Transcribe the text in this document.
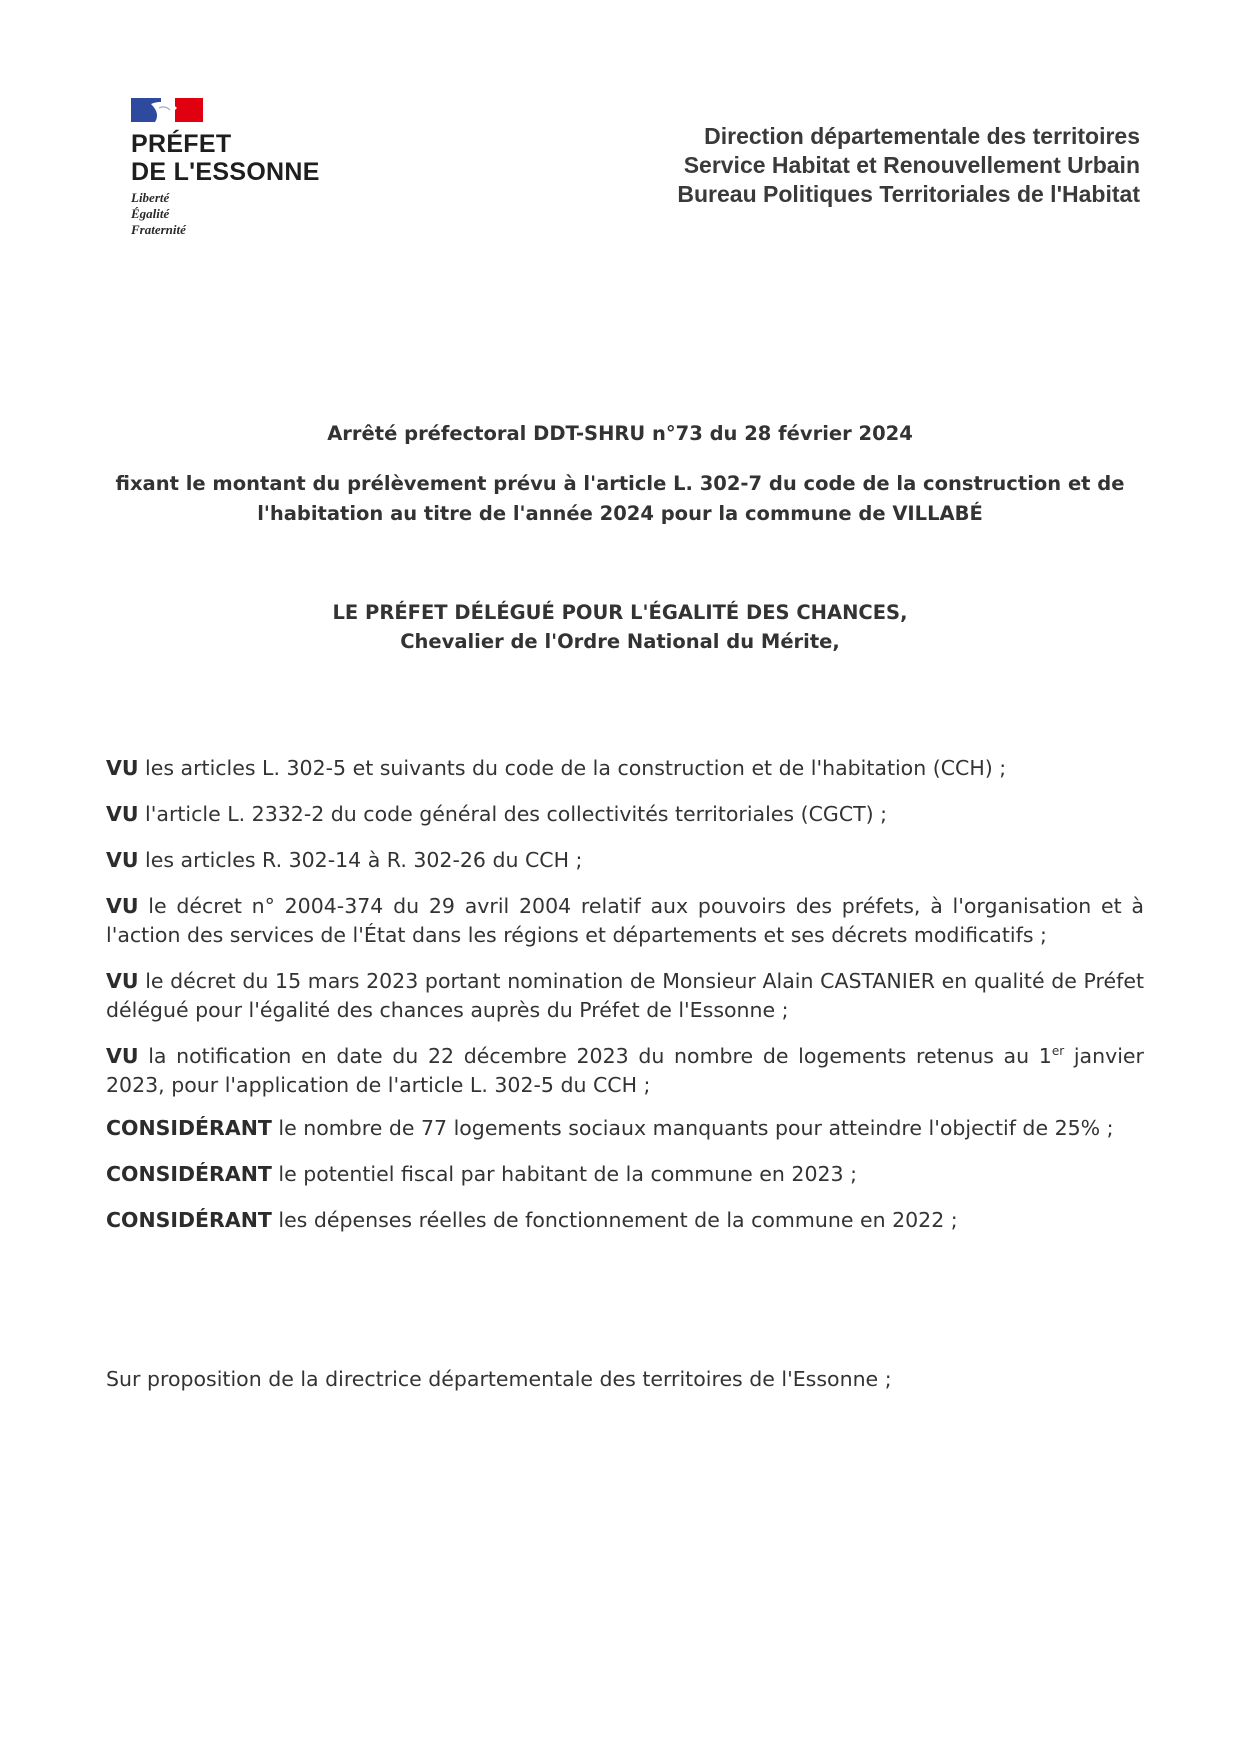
PRÉFET
DE L'ESSONNE
Liberté
Égalité
Fraternité
Direction départementale des territoires
Service Habitat et Renouvellement Urbain
Bureau Politiques Territoriales de l'Habitat
Arrêté préfectoral DDT-SHRU n°73 du 28 février 2024
fixant le montant du prélèvement prévu à l'article L. 302-7 du code de la construction et de
l'habitation au titre de l'année 2024 pour la commune de VILLABÉ
LE PRÉFET DÉLÉGUÉ POUR L'ÉGALITÉ DES CHANCES,
Chevalier de l'Ordre National du Mérite,

VU les articles L. 302-5 et suivants du code de la construction et de l'habitation (CCH) ;

VU l'article L. 2332-2 du code général des collectivités territoriales (CGCT) ;

VU les articles R. 302-14 à R. 302-26 du CCH ;

VU le décret n° 2004-374 du 29 avril 2004 relatif aux pouvoirs des préfets, à l'organisation et à l'action des services de l'État dans les régions et départements et ses décrets modificatifs ;

VU le décret du 15 mars 2023 portant nomination de Monsieur Alain CASTANIER en qualité de Préfet délégué pour l'égalité des chances auprès du Préfet de l'Essonne ;

VU la notification en date du 22 décembre 2023 du nombre de logements retenus au 1er janvier 2023, pour l'application de l'article L. 302-5 du CCH ;

CONSIDÉRANT le nombre de 77 logements sociaux manquants pour atteindre l'objectif de 25% ;

CONSIDÉRANT le potentiel fiscal par habitant de la commune en 2023 ;

CONSIDÉRANT les dépenses réelles de fonctionnement de la commune en 2022 ;

Sur proposition de la directrice départementale des territoires de l'Essonne ;
